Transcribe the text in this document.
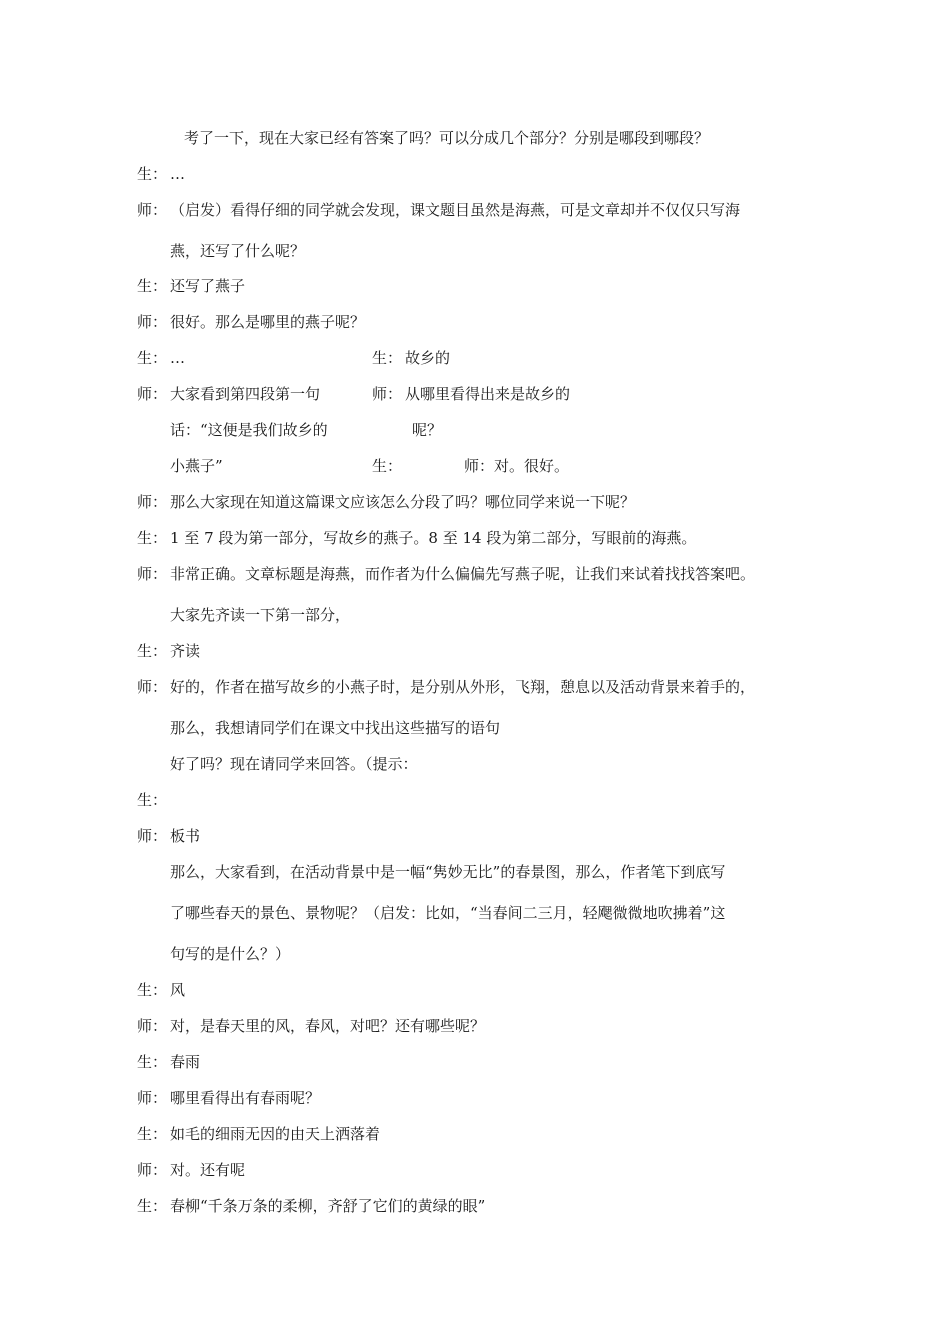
考了一下，现在大家已经有答案了吗？可以分成几个部分？分别是哪段到哪段？
生： …
师： （启发）看得仔细的同学就会发现，课文题目虽然是海燕，可是文章却并不仅仅只写海
燕，还写了什么呢？
生： 还写了燕子
师： 很好。那么是哪里的燕子呢？
生： …	生： 故乡的
师： 大家看到第四段第一句	师： 从哪里看得出来是故乡的
话：“这便是我们故乡的	呢？
小燕子”	生：	师：对。很好。
师： 那么大家现在知道这篇课文应该怎么分段了吗？哪位同学来说一下呢？
生： 1 至 7 段为第一部分，写故乡的燕子。8 至 14 段为第二部分，写眼前的海燕。
师： 非常正确。文章标题是海燕，而作者为什么偏偏先写燕子呢，让我们来试着找找答案吧。
大家先齐读一下第一部分，
生： 齐读
师： 好的，作者在描写故乡的小燕子时，是分别从外形，飞翔，憩息以及活动背景来着手的，
那么，我想请同学们在课文中找出这些描写的语句
好了吗？现在请同学来回答。（提示：
生：
师： 板书
那么，大家看到，在活动背景中是一幅“隽妙无比”的春景图，那么，作者笔下到底写
了哪些春天的景色、景物呢？（启发：比如，“当春间二三月，轻飔微微地吹拂着”这
句写的是什么？）
生： 风
师： 对，是春天里的风，春风，对吧？还有哪些呢？
生： 春雨
师： 哪里看得出有春雨呢？
生： 如毛的细雨无因的由天上洒落着
师： 对。还有呢
生： 春柳“千条万条的柔柳，齐舒了它们的黄绿的眼”
